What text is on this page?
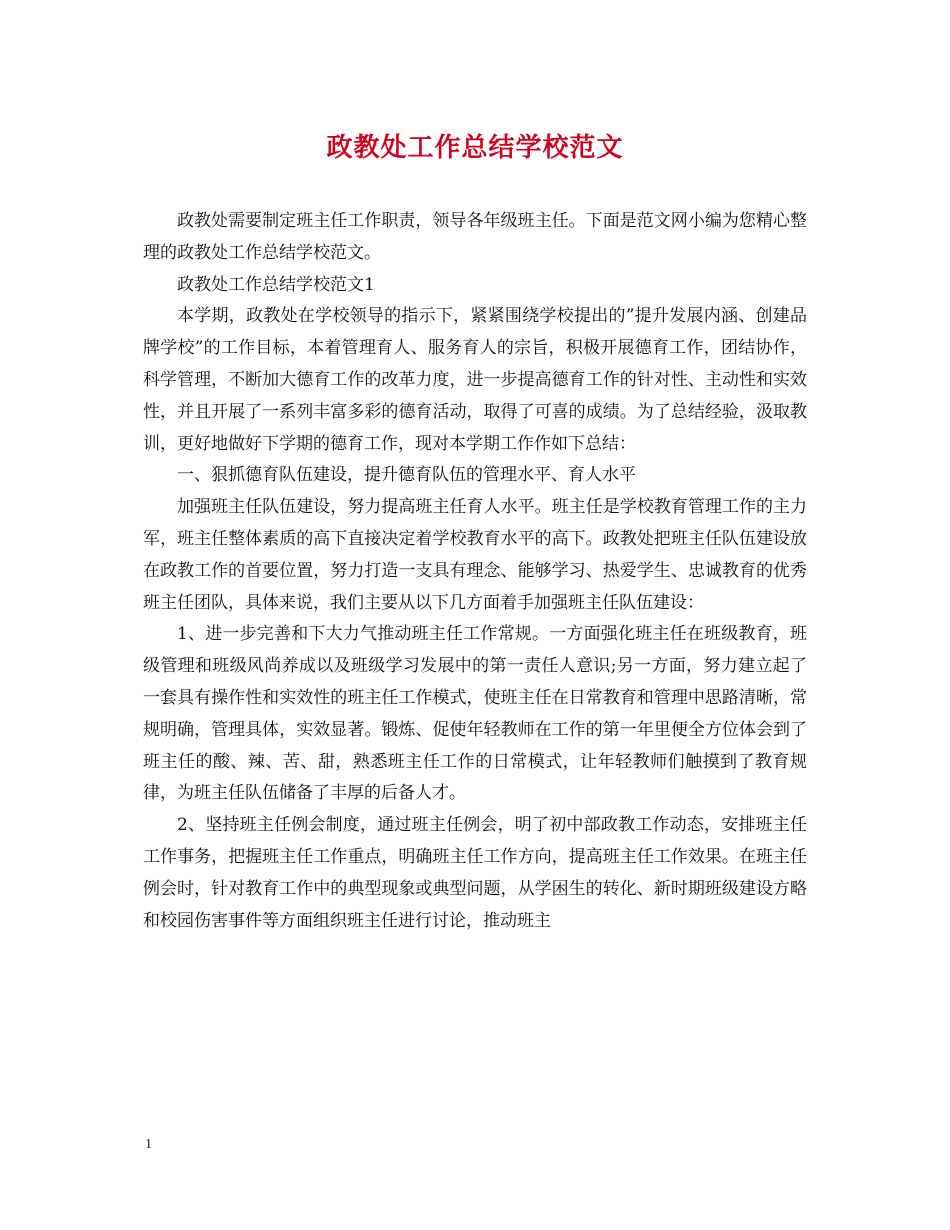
政教处工作总结学校范文

政教处需要制定班主任工作职责，领导各年级班主任。下面是范文网小编为您精心整理的政教处工作总结学校范文。

政教处工作总结学校范文1

本学期，政教处在学校领导的指示下，紧紧围绕学校提出的”提升发展内涵、创建品牌学校”的工作目标，本着管理育人、服务育人的宗旨，积极开展德育工作，团结协作，科学管理，不断加大德育工作的改革力度，进一步提高德育工作的针对性、主动性和实效性，并且开展了一系列丰富多彩的德育活动，取得了可喜的成绩。为了总结经验，汲取教训，更好地做好下学期的德育工作，现对本学期工作作如下总结：

一、狠抓德育队伍建设，提升德育队伍的管理水平、育人水平

加强班主任队伍建设，努力提高班主任育人水平。班主任是学校教育管理工作的主力军，班主任整体素质的高下直接决定着学校教育水平的高下。政教处把班主任队伍建设放在政教工作的首要位置，努力打造一支具有理念、能够学习、热爱学生、忠诚教育的优秀班主任团队，具体来说，我们主要从以下几方面着手加强班主任队伍建设：

1、进一步完善和下大力气推动班主任工作常规。一方面强化班主任在班级教育，班级管理和班级风尚养成以及班级学习发展中的第一责任人意识;另一方面，努力建立起了一套具有操作性和实效性的班主任工作模式，使班主任在日常教育和管理中思路清晰，常规明确，管理具体，实效显著。锻炼、促使年轻教师在工作的第一年里便全方位体会到了班主任的酸、辣、苦、甜，熟悉班主任工作的日常模式，让年轻教师们触摸到了教育规律，为班主任队伍储备了丰厚的后备人才。

2、坚持班主任例会制度，通过班主任例会，明了初中部政教工作动态，安排班主任工作事务，把握班主任工作重点，明确班主任工作方向，提高班主任工作效果。在班主任例会时，针对教育工作中的典型现象或典型问题，从学困生的转化、新时期班级建设方略和校园伤害事件等方面组织班主任进行讨论，推动班主

1
